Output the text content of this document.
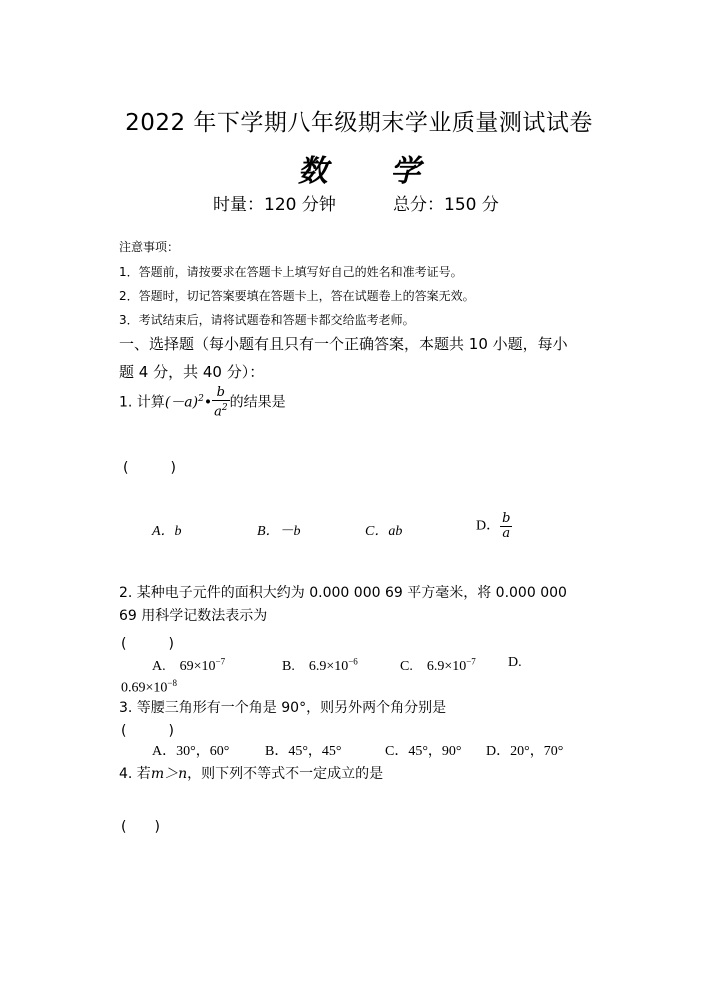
2022 年下学期八年级期末学业质量测试试卷
数 学
时量：120 分钟	总分：150 分
注意事项：
1．答题前，请按要求在答题卡上填写好自己的姓名和准考证号。
2．答题时，切记答案要填在答题卡上，答在试题卷上的答案无效。
3．考试结束后，请将试题卷和答题卡都交给监考老师。
一、选择题（每小题有且只有一个正确答案，本题共 10 小题，每小
题 4 分，共 40 分）：
1. 计算$(-a)^2• \frac{b}{a^2}$ 的结果是
(　　　)
A．b	B．－b	C．ab	D． $\frac{b}{a}$
2. 某种电子元件的面积大约为 0.000 000 69 平方毫米，将 0.000 000
69 用科学记数法表示为
(　　　)
A.　$69\times 10^{-7}$	B.　$6.9\times 10^{-6}$	C.　$6.9\times 10^{-7}$ D.
$0.69\times 10^{-8}$
3. 等腰三角形有一个角是 90°，则另外两个角分别是
(　　　)
A．30°，60°	B．45°，45°	C．45°，90° D．20°，70°
4. 若m＞n，则下列不等式不一定成立的是
(　　)
